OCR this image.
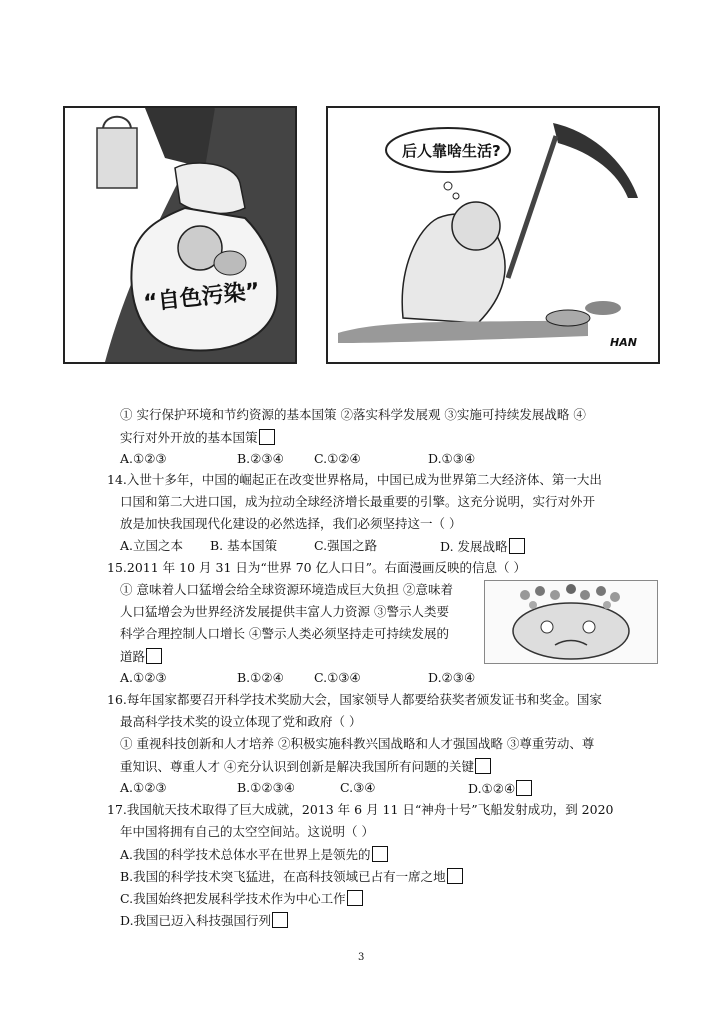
“自色污染”
后人靠啥生活?
HAN
① 实行保护环境和节约资源的基本国策 ②落实科学发展观 ③实施可持续发展战略 ④
实行对外开放的基本国策
A.①②③	B.②③④ C.①②④	D.①③④
14.入世十多年，中国的崛起正在改变世界格局，中国已成为世界第二大经济体、第一大出
口国和第二大进口国，成为拉动全球经济增长最重要的引擎。这充分说明，实行对外开
放是加快我国现代化建设的必然选择，我们必须坚持这一（ ）
A.立国之本 B. 基本国策	C.强国之路	D. 发展战略
15.2011 年 10 月 31 日为“世界 70 亿人口日”。右面漫画反映的信息（ ）
① 意味着人口猛增会给全球资源环境造成巨大负担 ②意味着
人口猛增会为世界经济发展提供丰富人力资源 ③警示人类要
科学合理控制人口增长 ④警示人类必须坚持走可持续发展的
道路
A.①②③	B.①②④ C.①③④	D.②③④
16.每年国家都要召开科学技术奖励大会，国家领导人都要给获奖者颁发证书和奖金。国家
最高科学技术奖的设立体现了党和政府（ ）
① 重视科技创新和人才培养 ②积极实施科教兴国战略和人才强国战略 ③尊重劳动、尊
重知识、尊重人才 ④充分认识到创新是解决我国所有问题的关键
A.①②③	B.①②③④	C.③④	D.①②④
17.我国航天技术取得了巨大成就，2013 年 6 月 11 日“神舟十号”飞船发射成功，到 2020
年中国将拥有自己的太空空间站。这说明（ ）
A.我国的科学技术总体水平在世界上是领先的
B.我国的科学技术突飞猛进，在高科技领域已占有一席之地
C.我国始终把发展科学技术作为中心工作
D.我国已迈入科技强国行列
3
